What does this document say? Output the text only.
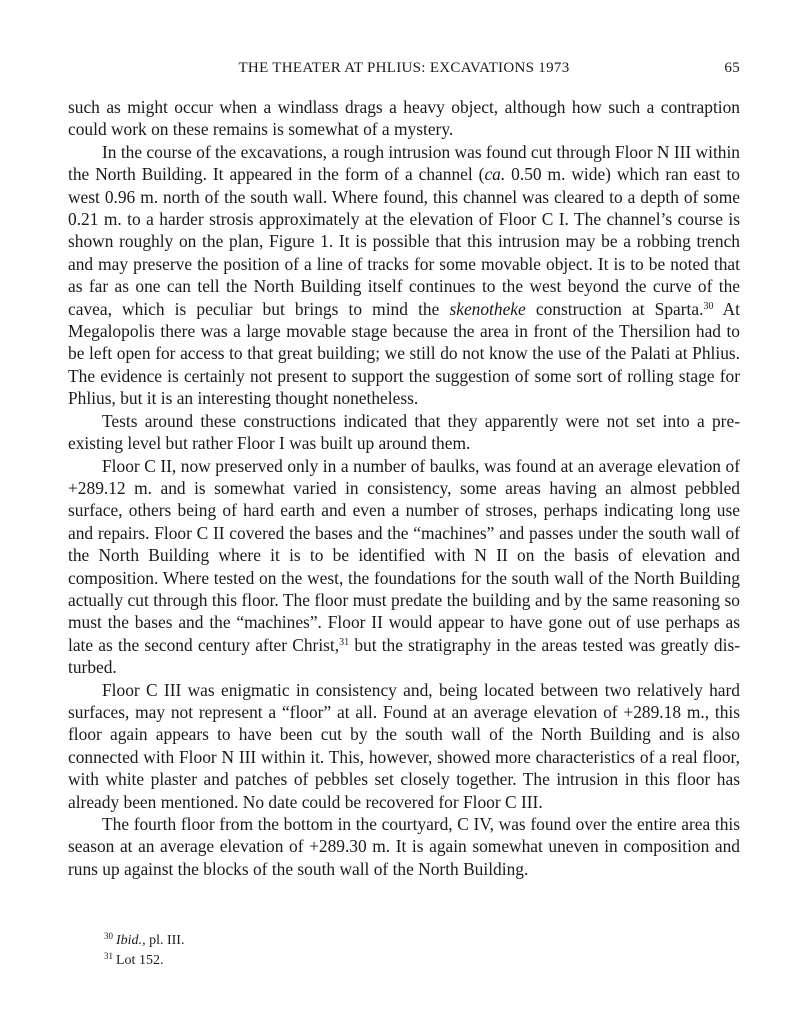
THE THEATER AT PHLIUS: EXCAVATIONS 1973	65

such as might occur when a windlass drags a heavy object, although how such a contraption could work on these remains is somewhat of a mystery.

In the course of the excavations, a rough intrusion was found cut through Floor N III within the North Building. It appeared in the form of a channel (ca. 0.50 m. wide) which ran east to west 0.96 m. north of the south wall. Where found, this channel was cleared to a depth of some 0.21 m. to a harder strosis approximately at the elevation of Floor C I. The channel’s course is shown roughly on the plan, Figure 1. It is possible that this intrusion may be a robbing trench and may preserve the position of a line of tracks for some movable object. It is to be noted that as far as one can tell the North Building itself continues to the west beyond the curve of the cavea, which is peculiar but brings to mind the skenotheke construction at Sparta.$^{30}$ At Megalopolis there was a large movable stage because the area in front of the Thersilion had to be left open for access to that great building; we still do not know the use of the Palati at Phlius. The evidence is certainly not present to support the suggestion of some sort of rolling stage for Phlius, but it is an interesting thought nonetheless.

Tests around these constructions indicated that they apparently were not set into a pre-existing level but rather Floor I was built up around them.

Floor C II, now preserved only in a number of baulks, was found at an average elevation of +289.12 m. and is somewhat varied in consistency, some areas having an almost pebbled surface, others being of hard earth and even a number of stroses, perhaps indicating long use and repairs. Floor C II covered the bases and the “machines” and passes under the south wall of the North Building where it is to be identified with N II on the basis of elevation and composition. Where tested on the west, the foundations for the south wall of the North Building actually cut through this floor. The floor must predate the building and by the same reasoning so must the bases and the “machines”. Floor II would appear to have gone out of use perhaps as late as the second century after Christ,$^{31}$ but the stratigraphy in the areas tested was greatly disturbed.

Floor C III was enigmatic in consistency and, being located between two relatively hard surfaces, may not represent a “floor” at all. Found at an average elevation of +289.18 m., this floor again appears to have been cut by the south wall of the North Building and is also connected with Floor N III within it. This, however, showed more characteristics of a real floor, with white plaster and patches of pebbles set closely together. The intrusion in this floor has already been mentioned. No date could be recovered for Floor C III.

The fourth floor from the bottom in the courtyard, C IV, was found over the entire area this season at an average elevation of +289.30 m. It is again somewhat uneven in composition and runs up against the blocks of the south wall of the North Building.

$^{30}$ Ibid., pl. III.
$^{31}$ Lot 152.
